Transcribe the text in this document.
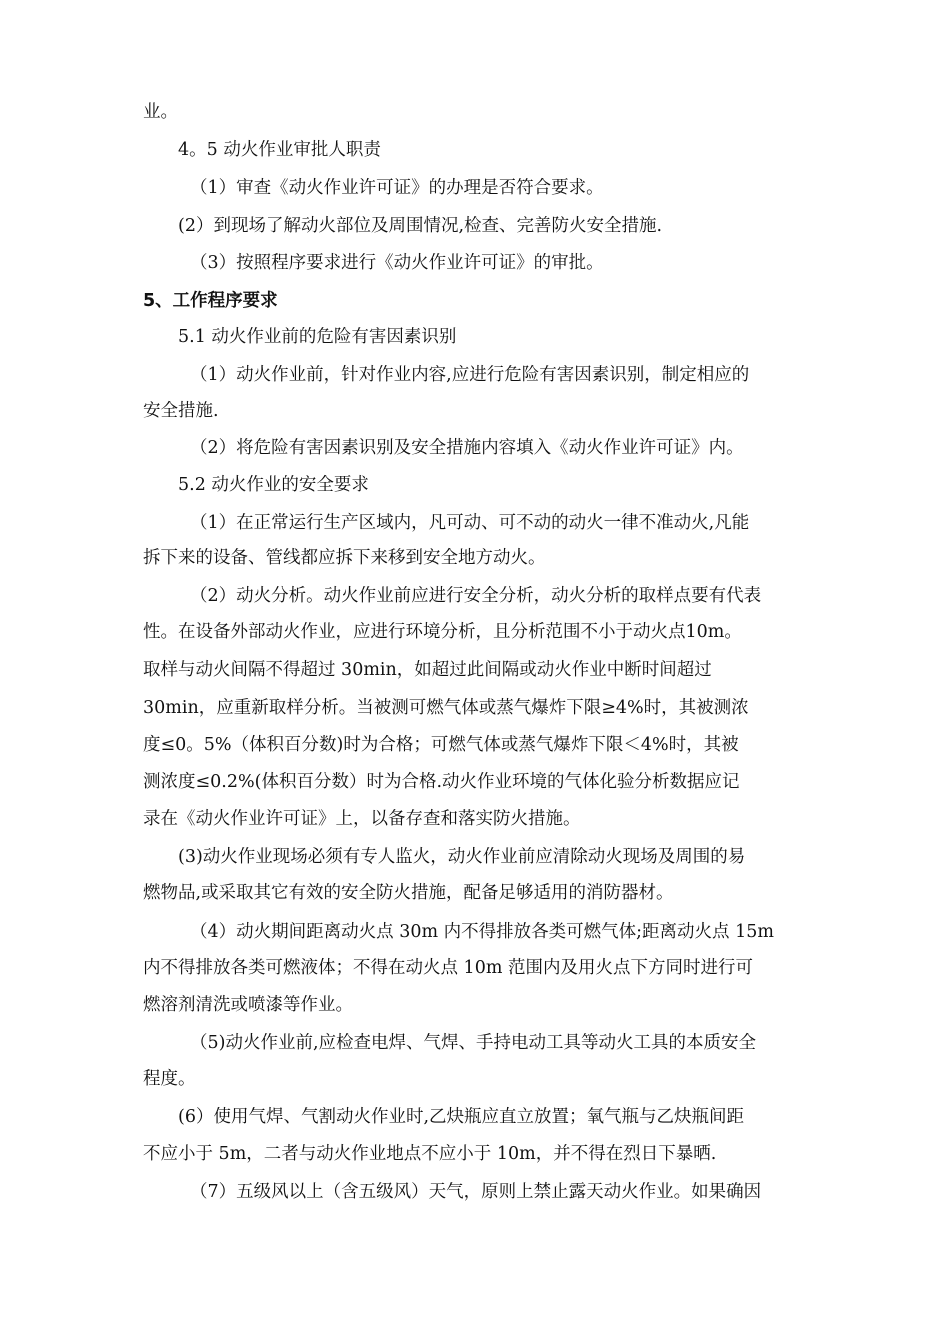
业。
4。5 动火作业审批人职责
（1）审查《动火作业许可证》的办理是否符合要求。
(2）到现场了解动火部位及周围情况,检查、完善防火安全措施.
（3）按照程序要求进行《动火作业许可证》的审批。
5、工作程序要求
5.1 动火作业前的危险有害因素识别
（1）动火作业前，针对作业内容,应进行危险有害因素识别，制定相应的
安全措施.
（2）将危险有害因素识别及安全措施内容填入《动火作业许可证》内。
5.2 动火作业的安全要求
（1）在正常运行生产区域内，凡可动、可不动的动火一律不准动火,凡能
拆下来的设备、管线都应拆下来移到安全地方动火。
（2）动火分析。动火作业前应进行安全分析，动火分析的取样点要有代表
性。在设备外部动火作业，应进行环境分析，且分析范围不小于动火点10m。
取样与动火间隔不得超过 30min，如超过此间隔或动火作业中断时间超过
30min，应重新取样分析。当被测可燃气体或蒸气爆炸下限≥4%时，其被测浓
度≤0。5%（体积百分数)时为合格；可燃气体或蒸气爆炸下限＜4%时，其被
测浓度≤0.2%(体积百分数）时为合格.动火作业环境的气体化验分析数据应记
录在《动火作业许可证》上，以备存查和落实防火措施。
(3)动火作业现场必须有专人监火，动火作业前应清除动火现场及周围的易
燃物品,或采取其它有效的安全防火措施，配备足够适用的消防器材。
（4）动火期间距离动火点 30m 内不得排放各类可燃气体;距离动火点 15m
内不得排放各类可燃液体；不得在动火点 10m 范围内及用火点下方同时进行可
燃溶剂清洗或喷漆等作业。
（5)动火作业前,应检查电焊、气焊、手持电动工具等动火工具的本质安全
程度。
(6）使用气焊、气割动火作业时,乙炔瓶应直立放置；氧气瓶与乙炔瓶间距
不应小于 5m，二者与动火作业地点不应小于 10m，并不得在烈日下暴晒.
（7）五级风以上（含五级风）天气，原则上禁止露天动火作业。如果确因
